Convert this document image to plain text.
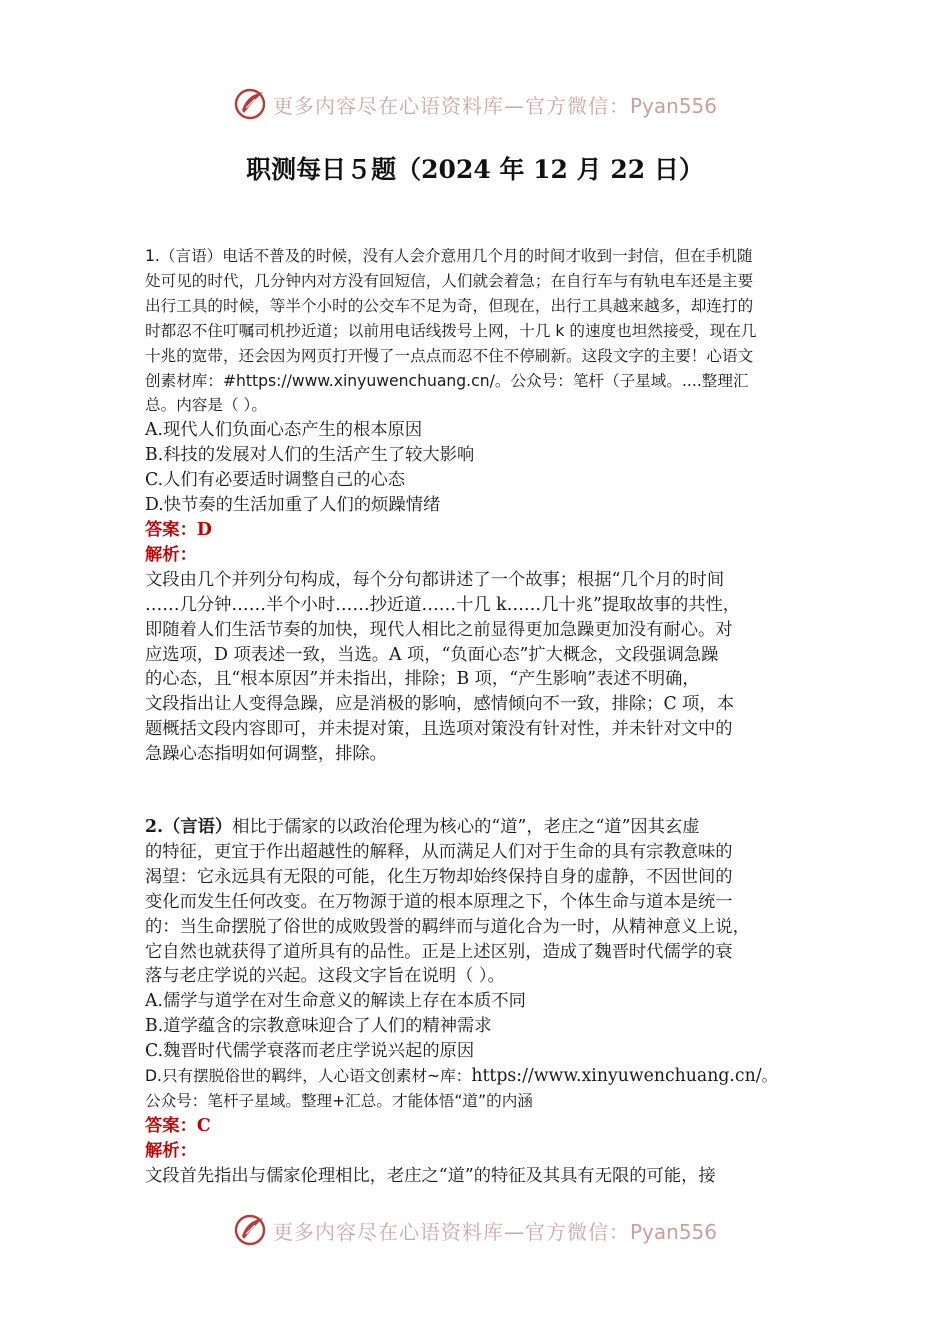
更多内容尽在心语资料库—官方微信：Pyan556
职测每日５题（2024 年 12 月 22 日）
1.（言语）电话不普及的时候，没有人会介意用几个月的时间才收到一封信，但在手机随
处可见的时代，几分钟内对方没有回短信，人们就会着急；在自行车与有轨电车还是主要
出行工具的时候，等半个小时的公交车不足为奇，但现在，出行工具越来越多，却连打的
时都忍不住叮嘱司机抄近道；以前用电话线拨号上网，十几 k 的速度也坦然接受，现在几
十兆的宽带，还会因为网页打开慢了一点点而忍不住不停刷新。这段文字的主要！心语文
创素材库：#https://www.xinyuwenchuang.cn/。公众号：笔杆（子星域。....整理汇
总。内容是（ ）。
A.现代人们负面心态产生的根本原因
B.科技的发展对人们的生活产生了较大影响
C.人们有必要适时调整自己的心态
D.快节奏的生活加重了人们的烦躁情绪
答案：D
解析：
文段由几个并列分句构成，每个分句都讲述了一个故事；根据“几个月的时间
……几分钟……半个小时……抄近道……十几 k……几十兆”提取故事的共性，
即随着人们生活节奏的加快，现代人相比之前显得更加急躁更加没有耐心。对
应选项，D 项表述一致，当选。A 项，“负面心态”扩大概念，文段强调急躁
的心态，且“根本原因”并未指出，排除；B 项，“产生影响”表述不明确，
文段指出让人变得急躁，应是消极的影响，感情倾向不一致，排除；C 项，本
题概括文段内容即可，并未提对策，且选项对策没有针对性，并未针对文中的
急躁心态指明如何调整，排除。
2.（言语）相比于儒家的以政治伦理为核心的“道”，老庄之“道”因其玄虚
的特征，更宜于作出超越性的解释，从而满足人们对于生命的具有宗教意味的
渴望：它永远具有无限的可能，化生万物却始终保持自身的虚静，不因世间的
变化而发生任何改变。在万物源于道的根本原理之下，个体生命与道本是统一
的：当生命摆脱了俗世的成败毁誉的羁绊而与道化合为一时，从精神意义上说，
它自然也就获得了道所具有的品性。正是上述区别，造成了魏晋时代儒学的衰
落与老庄学说的兴起。这段文字旨在说明（ ）。
A.儒学与道学在对生命意义的解读上存在本质不同
B.道学蕴含的宗教意味迎合了人们的精神需求
C.魏晋时代儒学衰落而老庄学说兴起的原因
D.只有摆脱俗世的羁绊，人心语文创素材~库：https://www.xinyuwenchuang.cn/。
公众号：笔杆子星域。整理+汇总。才能体悟“道”的内涵
答案：C
解析：
文段首先指出与儒家伦理相比，老庄之“道”的特征及其具有无限的可能，接
更多内容尽在心语资料库—官方微信：Pyan556
